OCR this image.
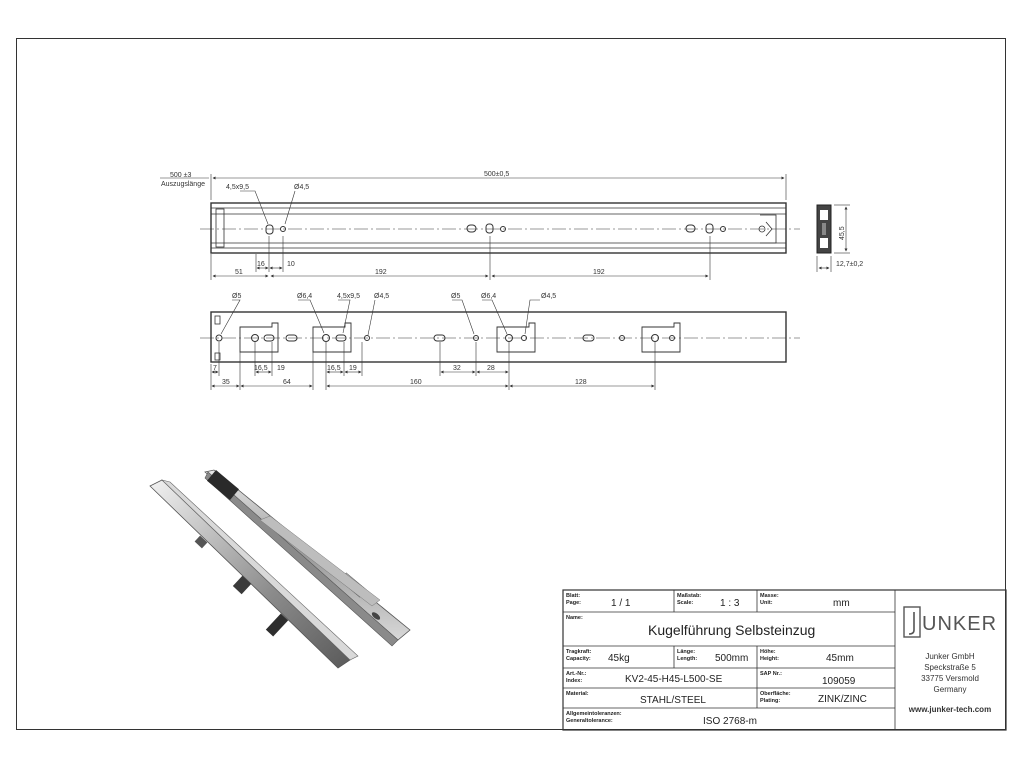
500 ±3
Auszugslänge
500±0,5
4,5x9,5	Ø4,5
16	10
51	192	192
45,5
12,7±0,2
Ø5	Ø6,4	4,5x9,5 Ø4,5	Ø5	Ø6,4	Ø4,5
7	16,5 19	16,5 19	32	28
35	64	160	128
Blatt:
Page:	1 / 1
Maßstab:
Scale:	1 : 3
Masse:
Unit:	mm
Name:
Kugelführung Selbsteinzug
Tragkraft:
Capacity: 45kg
Länge:
Length: 500mm
Höhe:
Height:	45mm
Art.-Nr.:
Index:	KV2-45-H45-L500-SE	SAP Nr.:
109059
Material:
STAHL/STEEL
Oberfläche:
Plating:	ZINK/ZINC
Allgemeintoleranzen:
Generaltolerance:	ISO 2768-m
UNKER
Junker GmbH
Speckstraße 5
33775 Versmold
Germany
www.junker-tech.com
